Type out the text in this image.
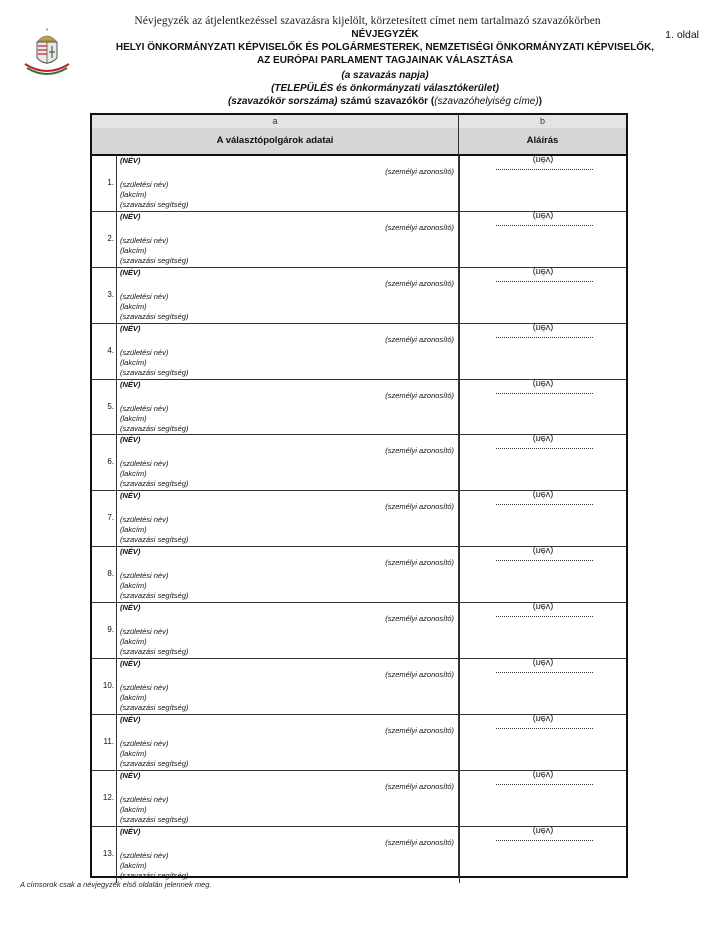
Névjegyzék az átjelentkezéssel szavazásra kijelölt, körzetesített címet nem tartalmazó szavazókörben
1. oldal
NÉVJEGYZÉK
HELYI ÖNKORMÁNYZATI KÉPVISELŐK ÉS POLGÁRMESTEREK, NEMZETISÉGI ÖNKORMÁNYZATI KÉPVISELŐK,
AZ EURÓPAI PARLAMENT TAGJAINAK VÁLASZTÁSA
(a szavazás napja)
(TELEPÜLÉS és önkormányzati választókerület)
(szavazókör sorszáma) számú szavazókör ((szavazóhelyiség címe))
a	b
A választópolgárok adatai	Aláírás
1.
(NÉV)
(személyi azonosító)
(születési név)
(lakcím)
(szavazási segítség)
(név)
2.
(NÉV)
(személyi azonosító)
(születési név)
(lakcím)
(szavazási segítség)
(név)
3.
(NÉV)
(személyi azonosító)
(születési név)
(lakcím)
(szavazási segítség)
(név)
4.
(NÉV)
(személyi azonosító)
(születési név)
(lakcím)
(szavazási segítség)
(név)
5.
(NÉV)
(személyi azonosító)
(születési név)
(lakcím)
(szavazási segítség)
(név)
6.
(NÉV)
(személyi azonosító)
(születési név)
(lakcím)
(szavazási segítség)
(név)
7.
(NÉV)
(személyi azonosító)
(születési név)
(lakcím)
(szavazási segítség)
(név)
8.
(NÉV)
(személyi azonosító)
(születési név)
(lakcím)
(szavazási segítség)
(név)
9.
(NÉV)
(személyi azonosító)
(születési név)
(lakcím)
(szavazási segítség)
(név)
10.
(NÉV)
(személyi azonosító)
(születési név)
(lakcím)
(szavazási segítség)
(név)
11.
(NÉV)
(személyi azonosító)
(születési név)
(lakcím)
(szavazási segítség)
(név)
12.
(NÉV)
(személyi azonosító)
(születési név)
(lakcím)
(szavazási segítség)
(név)
13.
(NÉV)
(személyi azonosító)
(születési név)
(lakcím)
(szavazási segítség)
(név)
A címsorok csak a névjegyzék első oldalán jelennek meg.
